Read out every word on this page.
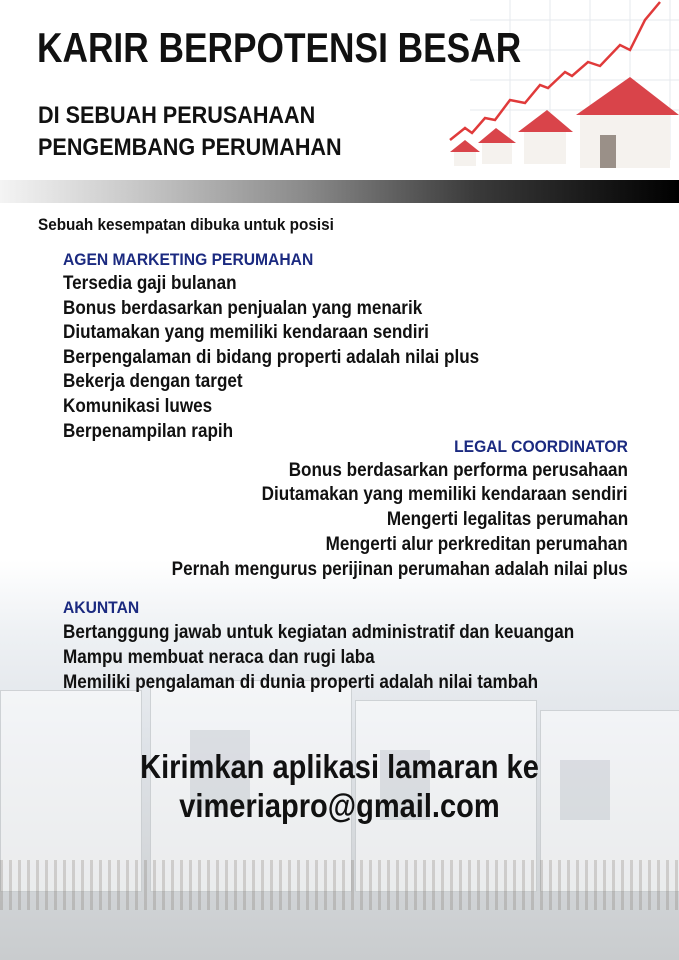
KARIR BERPOTENSI BESAR
DI SEBUAH PERUSAHAAN
PENGEMBANG PERUMAHAN
Sebuah kesempatan dibuka untuk posisi
AGEN MARKETING PERUMAHAN
Tersedia gaji bulanan
Bonus berdasarkan penjualan yang menarik
Diutamakan yang memiliki kendaraan sendiri
Berpengalaman di bidang properti adalah nilai plus
Bekerja dengan target
Komunikasi luwes
Berpenampilan rapih
LEGAL COORDINATOR
Bonus berdasarkan performa perusahaan
Diutamakan yang memiliki kendaraan sendiri
Mengerti legalitas perumahan
Mengerti alur perkreditan perumahan
Pernah mengurus perijinan perumahan adalah nilai plus
AKUNTAN
Bertanggung jawab untuk kegiatan administratif dan keuangan
Mampu membuat neraca dan rugi laba
Memiliki pengalaman di dunia properti adalah nilai tambah
Kirimkan aplikasi lamaran ke
vimeriapro@gmail.com
